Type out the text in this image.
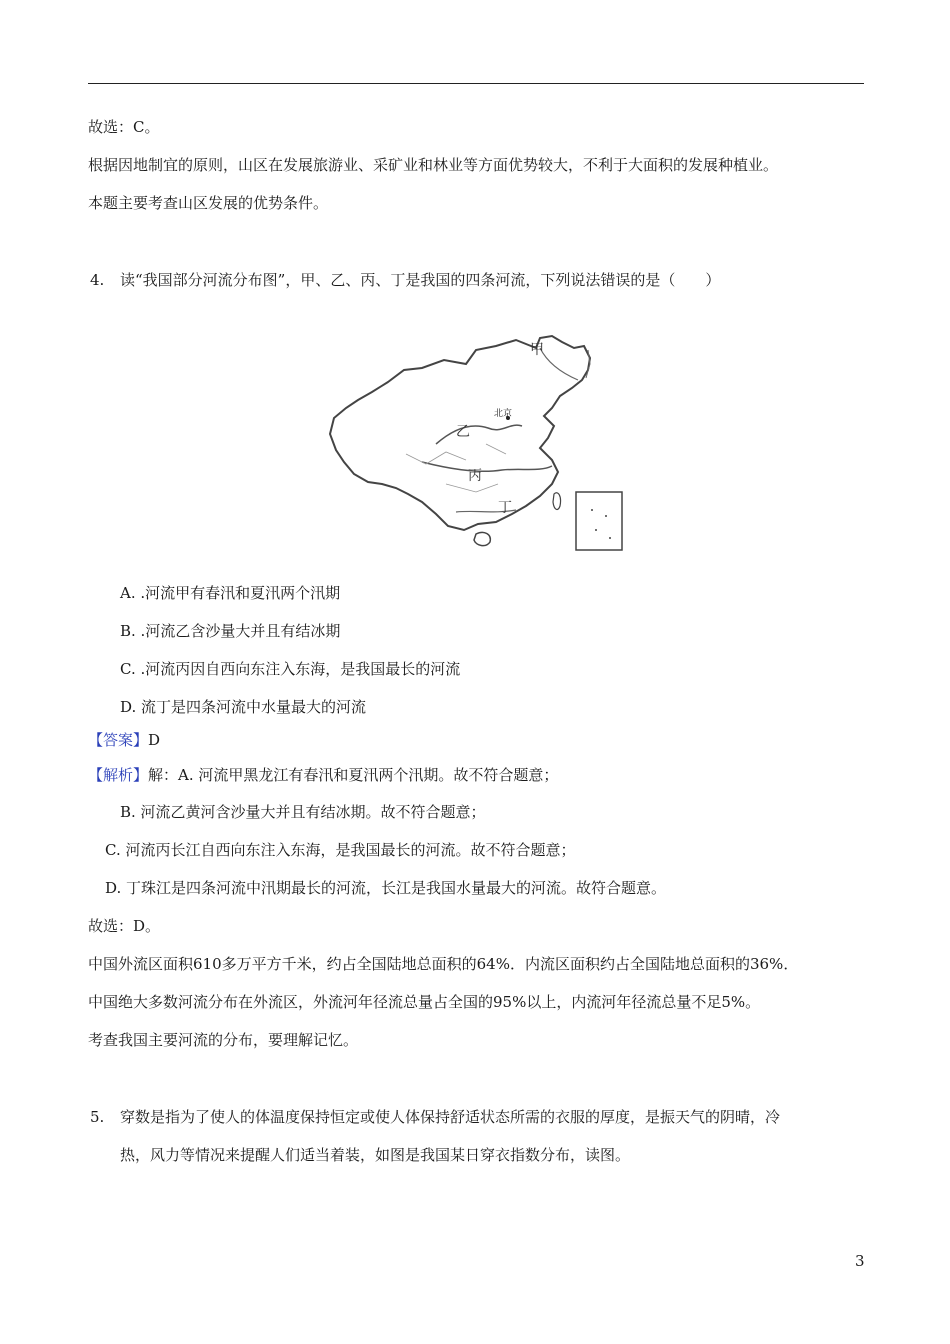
故选：C。
根据因地制宜的原则，山区在发展旅游业、采矿业和林业等方面优势较大，不利于大面积的发展种植业。
本题主要考查山区发展的优势条件。
4. 读“我国部分河流分布图”，甲、乙、丙、丁是我国的四条河流，下列说法错误的是（　　）
甲
乙
丙
丁
北京
A. .河流甲有春汛和夏汛两个汛期
B. .河流乙含沙量大并且有结冰期
C. .河流丙因自西向东注入东海，是我国最长的河流
D. 流丁是四条河流中水量最大的河流
【答案】D
【解析】解：A. 河流甲黑龙江有春汛和夏汛两个汛期。故不符合题意；
B. 河流乙黄河含沙量大并且有结冰期。故不符合题意；
C. 河流丙长江自西向东注入东海，是我国最长的河流。故不符合题意；
D. 丁珠江是四条河流中汛期最长的河流，长江是我国水量最大的河流。故符合题意。
故选：D。
中国外流区面积610多万平方千米，约占全国陆地总面积的64%．内流区面积约占全国陆地总面积的36%．
中国绝大多数河流分布在外流区，外流河年径流总量占全国的95%以上，内流河年径流总量不足5%。
考查我国主要河流的分布，要理解记忆。
5. 穿数是指为了使人的体温度保持恒定或使人体保持舒适状态所需的衣服的厚度，是振天气的阴晴，冷
热，风力等情况来提醒人们适当着装，如图是我国某日穿衣指数分布，读图。
3
